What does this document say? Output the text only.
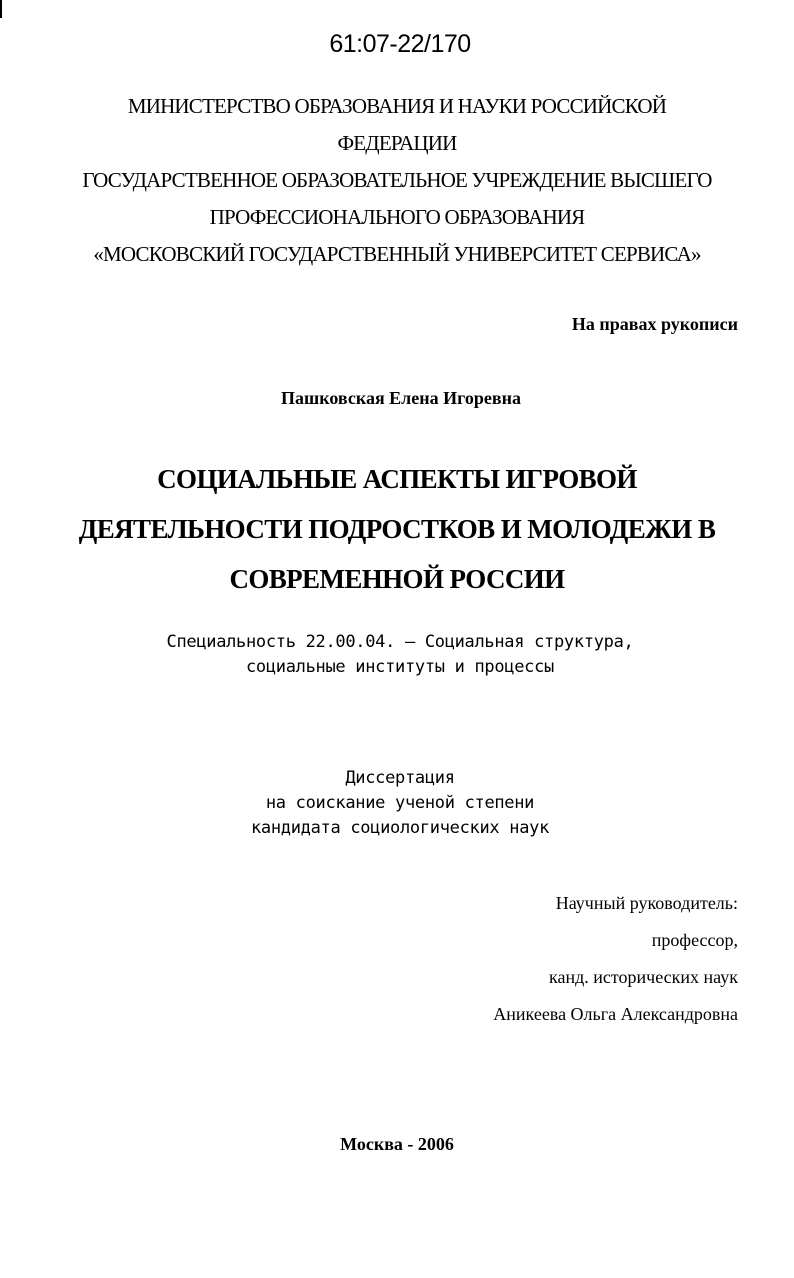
61:07-22/170
МИНИСТЕРСТВО ОБРАЗОВАНИЯ И НАУКИ РОССИЙСКОЙ
ФЕДЕРАЦИИ
ГОСУДАРСТВЕННОЕ ОБРАЗОВАТЕЛЬНОЕ УЧРЕЖДЕНИЕ ВЫСШЕГО
ПРОФЕССИОНАЛЬНОГО ОБРАЗОВАНИЯ
«МОСКОВСКИЙ ГОСУДАРСТВЕННЫЙ УНИВЕРСИТЕТ СЕРВИСА»
На правах рукописи
Пашковская Елена Игоревна
СОЦИАЛЬНЫЕ АСПЕКТЫ ИГРОВОЙ
ДЕЯТЕЛЬНОСТИ ПОДРОСТКОВ И МОЛОДЕЖИ В
СОВРЕМЕННОЙ РОССИИ
Специальность 22.00.04. – Социальная структура,
социальные институты и процессы
Диссертация
на соискание ученой степени
кандидата социологических наук
Научный руководитель:
профессор,
канд. исторических наук
Аникеева Ольга Александровна
Москва - 2006
